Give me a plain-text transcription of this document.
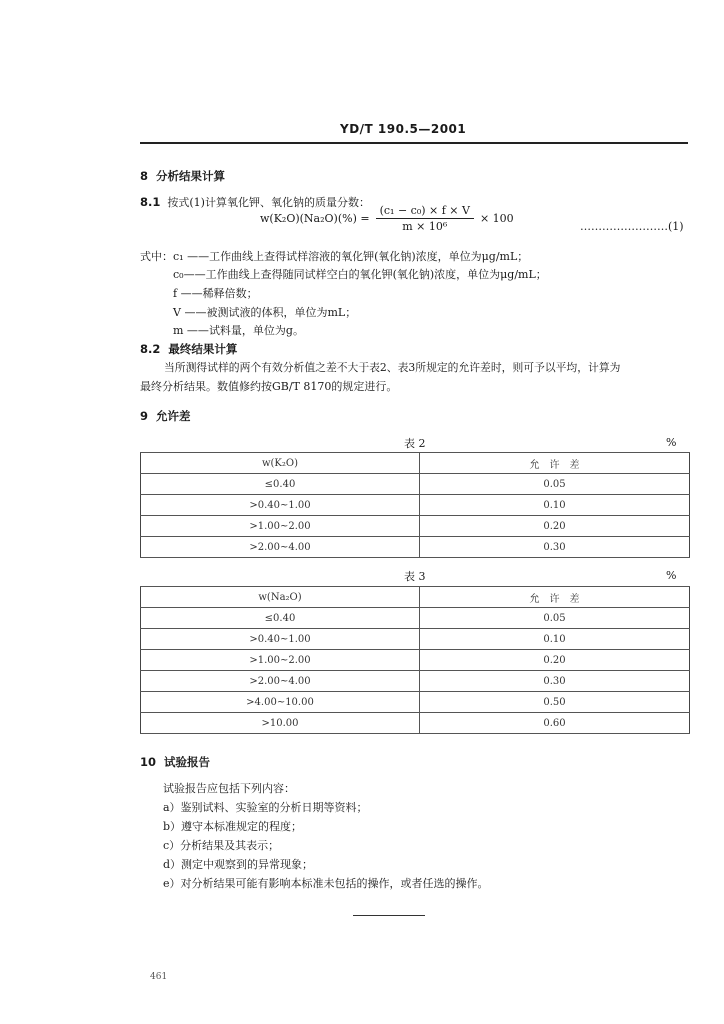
YD/T 190.5—2001
8 分析结果计算
8.1 按式(1)计算氧化钾、氧化钠的质量分数：
$w(K_2O)(Na_2O)(\%) = \frac{\text{(c₁ − c₀) × f × V}}{\text{m × 10⁶}} \times 100$
……………………(1)
式中：c₁ ——工作曲线上查得试样溶液的氧化钾(氧化钠)浓度，单位为μg/mL；
c₀——工作曲线上查得随同试样空白的氧化钾(氧化钠)浓度，单位为μg/mL；
f ——稀释倍数；
V ——被测试液的体积，单位为mL；
m ——试料量，单位为g。
8.2 最终结果计算
当所测得试样的两个有效分析值之差不大于表2、表3所规定的允许差时，则可予以平均，计算为
最终分析结果。数值修约按GB/T 8170的规定进行。
9 允许差
表 2	%
w(K₂O)	允　许　差
≤0.40	0.05
>0.40~1.00	0.10
>1.00~2.00	0.20
>2.00~4.00	0.30
表 3	%
w(Na₂O)	允　许　差
≤0.40	0.05
>0.40~1.00	0.10
>1.00~2.00	0.20
>2.00~4.00	0.30
>4.00~10.00	0.50
>10.00	0.60
10 试验报告
试验报告应包括下列内容：
a）鉴别试料、实验室的分析日期等资料；
b）遵守本标准规定的程度；
c）分析结果及其表示；
d）测定中观察到的异常现象；
e）对分析结果可能有影响本标准未包括的操作，或者任选的操作。
461
